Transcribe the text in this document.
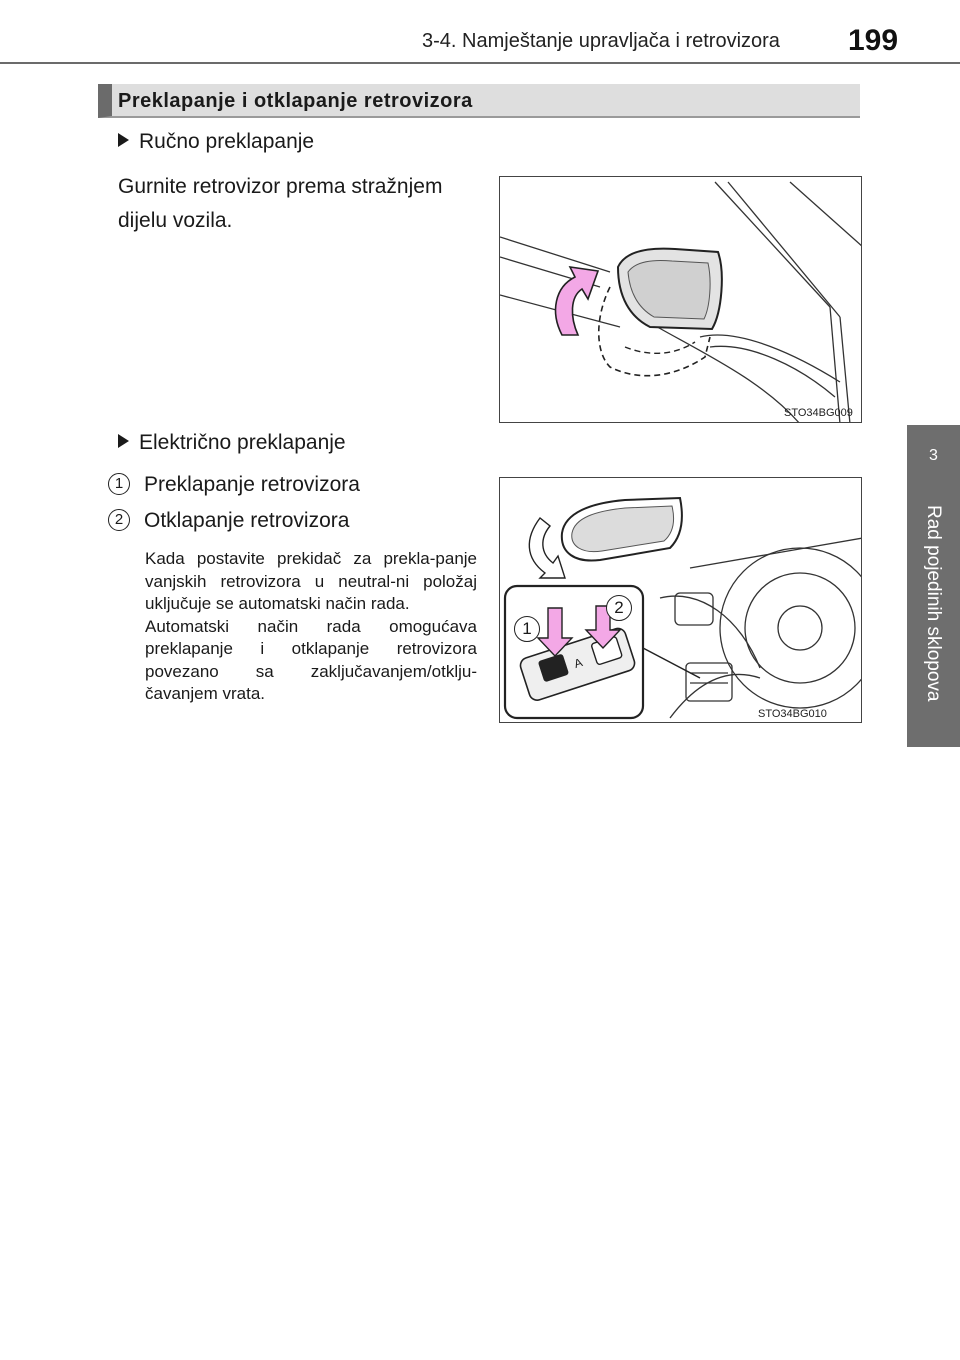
3-4. Namještanje upravljača i retrovizora 199
3
Rad pojedinih sklopova
Preklapanje i otklapanje retrovizora
Ručno preklapanje
Gurnite retrovizor prema stražnjem dijelu vozila.
STO34BG009
Električno preklapanje
1 Preklapanje retrovizora
2 Otklapanje retrovizora

Kada postavite prekidač za prekla-panje vanjskih retrovizora u neutral-ni položaj uključuje se automatski način rada.

Automatski način rada omogućava preklapanje i otklapanje retrovizora povezano sa zaključavanjem/otklju-čavanjem vrata.

A
1
2
STO34BG010
